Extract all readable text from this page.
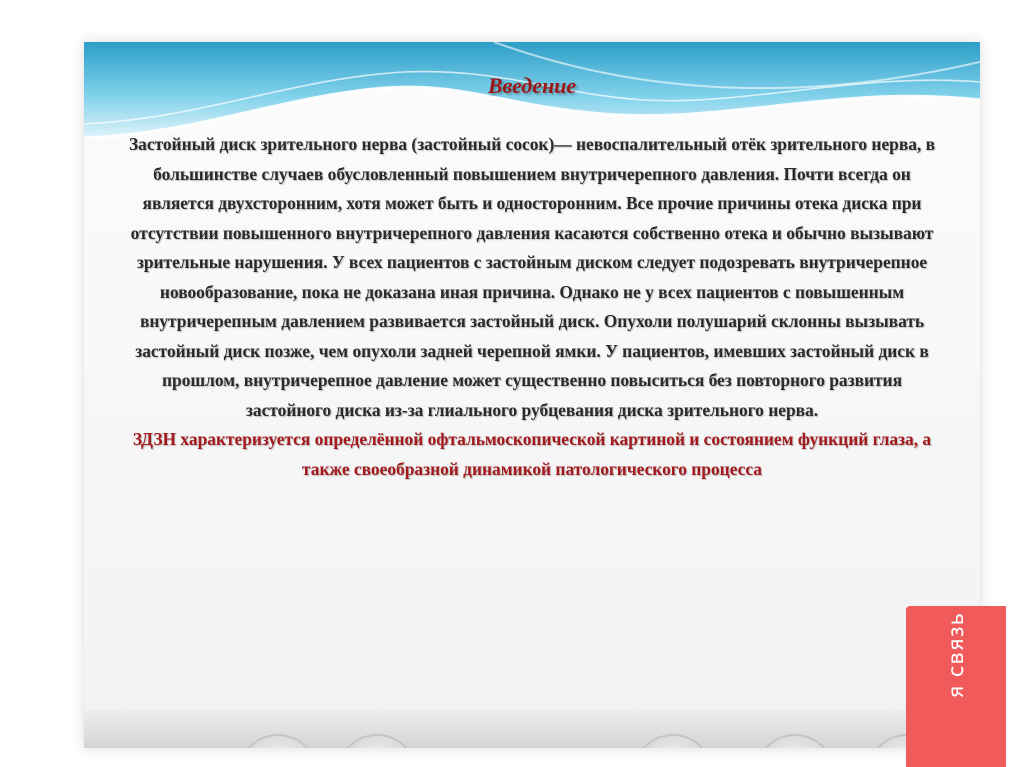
Введение

Застойный диск зрительного нерва (застойный сосок)— невоспалительный отёк зрительного нерва, в большинстве случаев обусловленный повышением внутричерепного давления. Почти всегда он является двухсторонним, хотя может быть и односторонним. Все прочие причины отека диска при отсутствии повышенного внутричерепного давления касаются собственно отека и обычно вызывают зрительные нарушения. У всех пациентов с застойным диском следует подозревать внутричерепное новообразование, пока не доказана иная причина. Однако не у всех пациентов с повышенным внутричерепным давлением развивается застойный диск. Опухоли полушарий склонны вызывать застойный диск позже, чем опухоли задней черепной ямки. У пациентов, имевших застойный диск в прошлом, внутричерепное давление может существенно повыситься без повторного развития застойного диска из-за глиального рубцевания диска зрительного нерва.
ЗДЗН характеризуется определённой офтальмоскопической картиной и состоянием функций глаза, а также своеобразной динамикой патологического процесса

я связь
